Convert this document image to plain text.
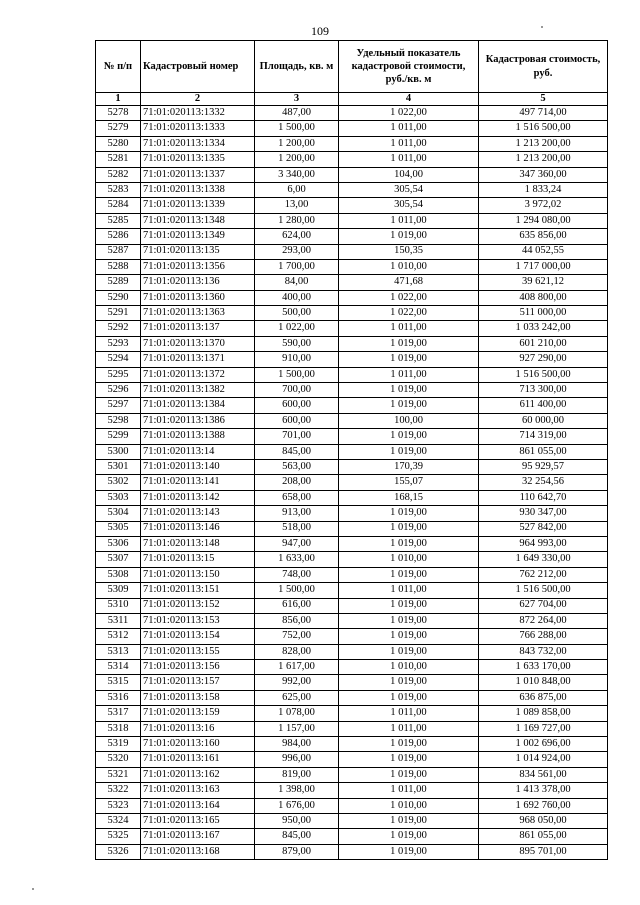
109
№ п/п	Кадастровый номер	Площадь, кв. м	Удельный показатель кадастровой стоимости, руб./кв. м	Кадастровая стоимость, руб.
1	2	3	4	5
5278	71:01:020113:1332	487,00	1 022,00	497 714,00
5279	71:01:020113:1333	1 500,00	1 011,00	1 516 500,00
5280	71:01:020113:1334	1 200,00	1 011,00	1 213 200,00
5281	71:01:020113:1335	1 200,00	1 011,00	1 213 200,00
5282	71:01:020113:1337	3 340,00	104,00	347 360,00
5283	71:01:020113:1338	6,00	305,54	1 833,24
5284	71:01:020113:1339	13,00	305,54	3 972,02
5285	71:01:020113:1348	1 280,00	1 011,00	1 294 080,00
5286	71:01:020113:1349	624,00	1 019,00	635 856,00
5287	71:01:020113:135	293,00	150,35	44 052,55
5288	71:01:020113:1356	1 700,00	1 010,00	1 717 000,00
5289	71:01:020113:136	84,00	471,68	39 621,12
5290	71:01:020113:1360	400,00	1 022,00	408 800,00
5291	71:01:020113:1363	500,00	1 022,00	511 000,00
5292	71:01:020113:137	1 022,00	1 011,00	1 033 242,00
5293	71:01:020113:1370	590,00	1 019,00	601 210,00
5294	71:01:020113:1371	910,00	1 019,00	927 290,00
5295	71:01:020113:1372	1 500,00	1 011,00	1 516 500,00
5296	71:01:020113:1382	700,00	1 019,00	713 300,00
5297	71:01:020113:1384	600,00	1 019,00	611 400,00
5298	71:01:020113:1386	600,00	100,00	60 000,00
5299	71:01:020113:1388	701,00	1 019,00	714 319,00
5300	71:01:020113:14	845,00	1 019,00	861 055,00
5301	71:01:020113:140	563,00	170,39	95 929,57
5302	71:01:020113:141	208,00	155,07	32 254,56
5303	71:01:020113:142	658,00	168,15	110 642,70
5304	71:01:020113:143	913,00	1 019,00	930 347,00
5305	71:01:020113:146	518,00	1 019,00	527 842,00
5306	71:01:020113:148	947,00	1 019,00	964 993,00
5307	71:01:020113:15	1 633,00	1 010,00	1 649 330,00
5308	71:01:020113:150	748,00	1 019,00	762 212,00
5309	71:01:020113:151	1 500,00	1 011,00	1 516 500,00
5310	71:01:020113:152	616,00	1 019,00	627 704,00
5311	71:01:020113:153	856,00	1 019,00	872 264,00
5312	71:01:020113:154	752,00	1 019,00	766 288,00
5313	71:01:020113:155	828,00	1 019,00	843 732,00
5314	71:01:020113:156	1 617,00	1 010,00	1 633 170,00
5315	71:01:020113:157	992,00	1 019,00	1 010 848,00
5316	71:01:020113:158	625,00	1 019,00	636 875,00
5317	71:01:020113:159	1 078,00	1 011,00	1 089 858,00
5318	71:01:020113:16	1 157,00	1 011,00	1 169 727,00
5319	71:01:020113:160	984,00	1 019,00	1 002 696,00
5320	71:01:020113:161	996,00	1 019,00	1 014 924,00
5321	71:01:020113:162	819,00	1 019,00	834 561,00
5322	71:01:020113:163	1 398,00	1 011,00	1 413 378,00
5323	71:01:020113:164	1 676,00	1 010,00	1 692 760,00
5324	71:01:020113:165	950,00	1 019,00	968 050,00
5325	71:01:020113:167	845,00	1 019,00	861 055,00
5326	71:01:020113:168	879,00	1 019,00	895 701,00
